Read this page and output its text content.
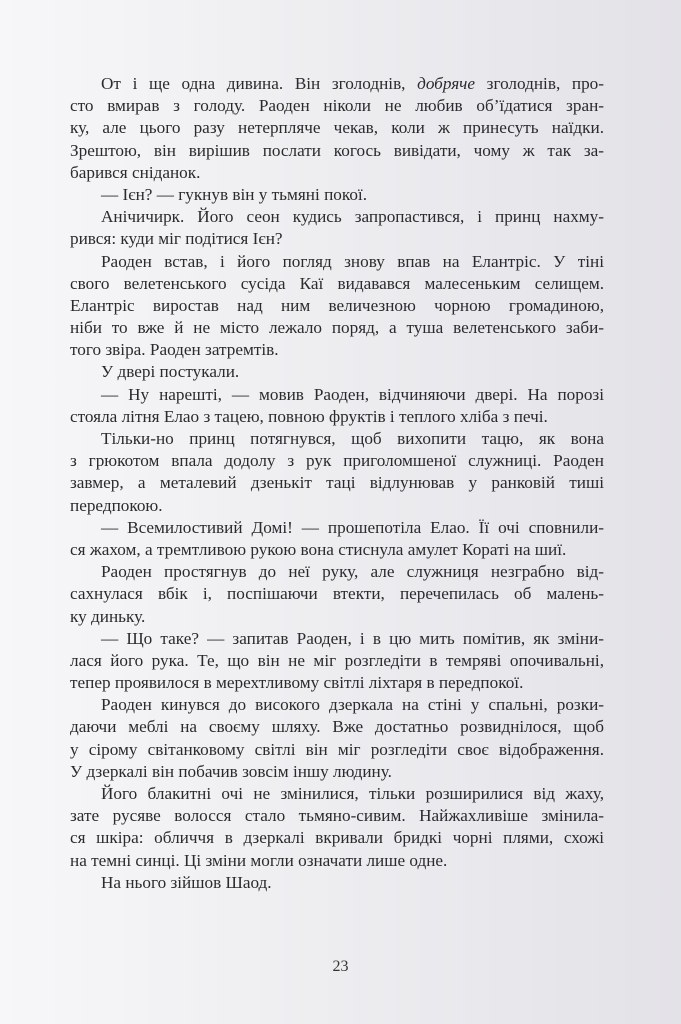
От і ще одна дивина. Він зголоднів, добряче зголоднів, про-
сто вмирав з голоду. Раоден ніколи не любив об’їдатися зран-
ку, але цього разу нетерпляче чекав, коли ж принесуть наїдки.
Зрештою, він вирішив послати когось вивідати, чому ж так за-
барився сніданок.
— Ієн? — гукнув він у тьмяні покої.
Анічичирк. Його сеон кудись запропастився, і принц нахму-
рився: куди міг подітися Ієн?
Раоден встав, і його погляд знову впав на Елантріс. У тіні
свого велетенського сусіда Каї видавався малесеньким селищем.
Елантріс виростав над ним величезною чорною громадиною,
ніби то вже й не місто лежало поряд, а туша велетенського заби-
того звіра. Раоден затремтів.
У двері постукали.
— Ну нарешті, — мовив Раоден, відчиняючи двері. На порозі
стояла літня Елао з тацею, повною фруктів і теплого хліба з печі.
Тільки-но принц потягнувся, щоб вихопити тацю, як вона
з грюкотом впала додолу з рук приголомшеної служниці. Раоден
завмер, а металевий дзенькіт таці відлунював у ранковій тиші
передпокою.
— Всемилостивий Домі! — прошепотіла Елао. Її очі сповнили-
ся жахом, а тремтливою рукою вона стиснула амулет Кораті на шиї.
Раоден простягнув до неї руку, але служниця незграбно від-
сахнулася вбік і, поспішаючи втекти, перечепилась об малень-
ку диньку.
— Що таке? — запитав Раоден, і в цю мить помітив, як зміни-
лася його рука. Те, що він не міг розгледіти в темряві опочивальні,
тепер проявилося в мерехтливому світлі ліхтаря в передпокої.
Раоден кинувся до високого дзеркала на стіні у спальні, розки-
даючи меблі на своєму шляху. Вже достатньо розвиднілося, щоб
у сірому світанковому світлі він міг розгледіти своє відображення.
У дзеркалі він побачив зовсім іншу людину.
Його блакитні очі не змінилися, тільки розширилися від жаху,
зате русяве волосся стало тьмяно-сивим. Найжахливіше змінила-
ся шкіра: обличчя в дзеркалі вкривали бридкі чорні плями, схожі
на темні синці. Ці зміни могли означати лише одне.
На нього зійшов Шаод.
23
